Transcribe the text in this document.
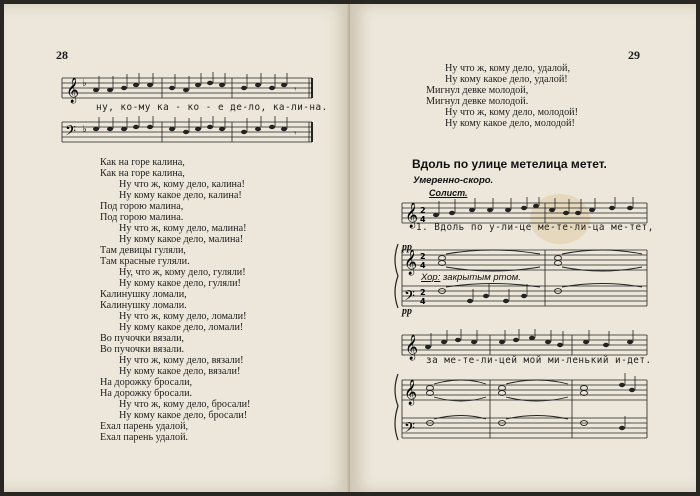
28
𝄞 ♭
𝄾
ну, ко-му ка - ко - е де-ло, ка-ли-на.
𝄢 ♭	𝄾
Как на горе калина,
Как на горе калина,
Ну что ж, кому дело, калина!
Ну кому какое дело, калина!
Под горою малина,
Под горою малина.
Ну что ж, кому дело, малина!
Ну кому какое дело, малина!
Там девицы гуляли,
Там красные гуляли.
Ну, что ж, кому дело, гуляли!
Ну кому какое дело, гуляли!
Калинушку ломали,
Калинушку ломали.
Ну что ж, кому дело, ломали!
Ну кому какое дело, ломали!
Во пучочки вязали,
Во пучочки вязали.
Ну что ж, кому дело, вязали!
Ну кому какое дело, вязали!
На дорожку бросали,
На дорожку бросали.
Ну что ж, кому дело, бросали!
Ну кому какое дело, бросали!
Ехал парень удалой,
Ехал парень удалой.
29
Ну что ж, кому дело, удалой,
Ну кому какое дело, удалой!
Мигнул девке молодой,
Мигнул девке молодой.
Ну что ж, кому дело, молодой!
Ну кому какое дело, молодой!
Вдоль по улице метелица метет.
Умеренно-скоро.
Солист.
𝄞 2
4
1. Вдоль по у-ли-це ме-те-ли-ца ме-тет,
𝄞
𝄢
2
4
2
4
pp
Хор: закрытым ртом.
pp
𝄞
за ме-те-ли-цей мой ми-ленький и-дет.
𝄞
𝄢
